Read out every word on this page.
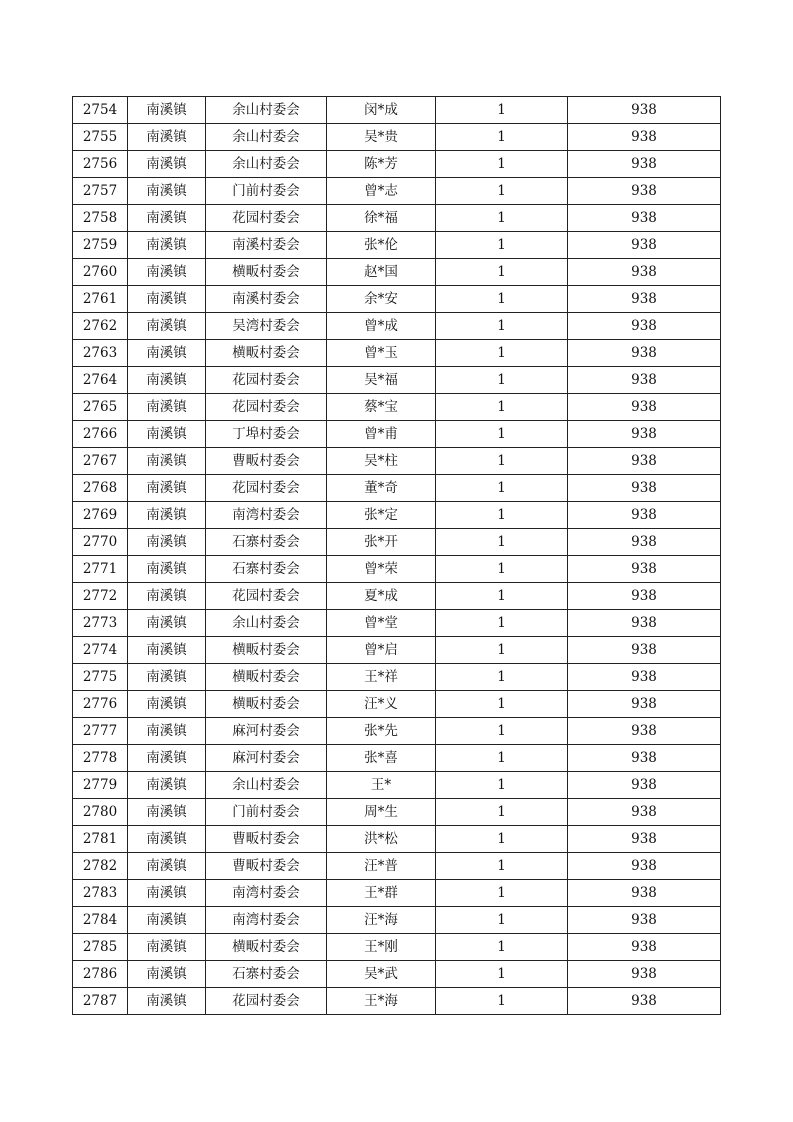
2754	南溪镇	余山村委会	闵*成	1	938
2755	南溪镇	余山村委会	吴*贵	1	938
2756	南溪镇	余山村委会	陈*芳	1	938
2757	南溪镇	门前村委会	曾*志	1	938
2758	南溪镇	花园村委会	徐*福	1	938
2759	南溪镇	南溪村委会	张*伦	1	938
2760	南溪镇	横畈村委会	赵*国	1	938
2761	南溪镇	南溪村委会	余*安	1	938
2762	南溪镇	吴湾村委会	曾*成	1	938
2763	南溪镇	横畈村委会	曾*玉	1	938
2764	南溪镇	花园村委会	吴*福	1	938
2765	南溪镇	花园村委会	蔡*宝	1	938
2766	南溪镇	丁埠村委会	曾*甫	1	938
2767	南溪镇	曹畈村委会	吴*柱	1	938
2768	南溪镇	花园村委会	董*奇	1	938
2769	南溪镇	南湾村委会	张*定	1	938
2770	南溪镇	石寨村委会	张*开	1	938
2771	南溪镇	石寨村委会	曾*荣	1	938
2772	南溪镇	花园村委会	夏*成	1	938
2773	南溪镇	余山村委会	曾*堂	1	938
2774	南溪镇	横畈村委会	曾*启	1	938
2775	南溪镇	横畈村委会	王*祥	1	938
2776	南溪镇	横畈村委会	汪*义	1	938
2777	南溪镇	麻河村委会	张*先	1	938
2778	南溪镇	麻河村委会	张*喜	1	938
2779	南溪镇	余山村委会	王*	1	938
2780	南溪镇	门前村委会	周*生	1	938
2781	南溪镇	曹畈村委会	洪*松	1	938
2782	南溪镇	曹畈村委会	汪*普	1	938
2783	南溪镇	南湾村委会	王*群	1	938
2784	南溪镇	南湾村委会	汪*海	1	938
2785	南溪镇	横畈村委会	王*刚	1	938
2786	南溪镇	石寨村委会	吴*武	1	938
2787	南溪镇	花园村委会	王*海	1	938
